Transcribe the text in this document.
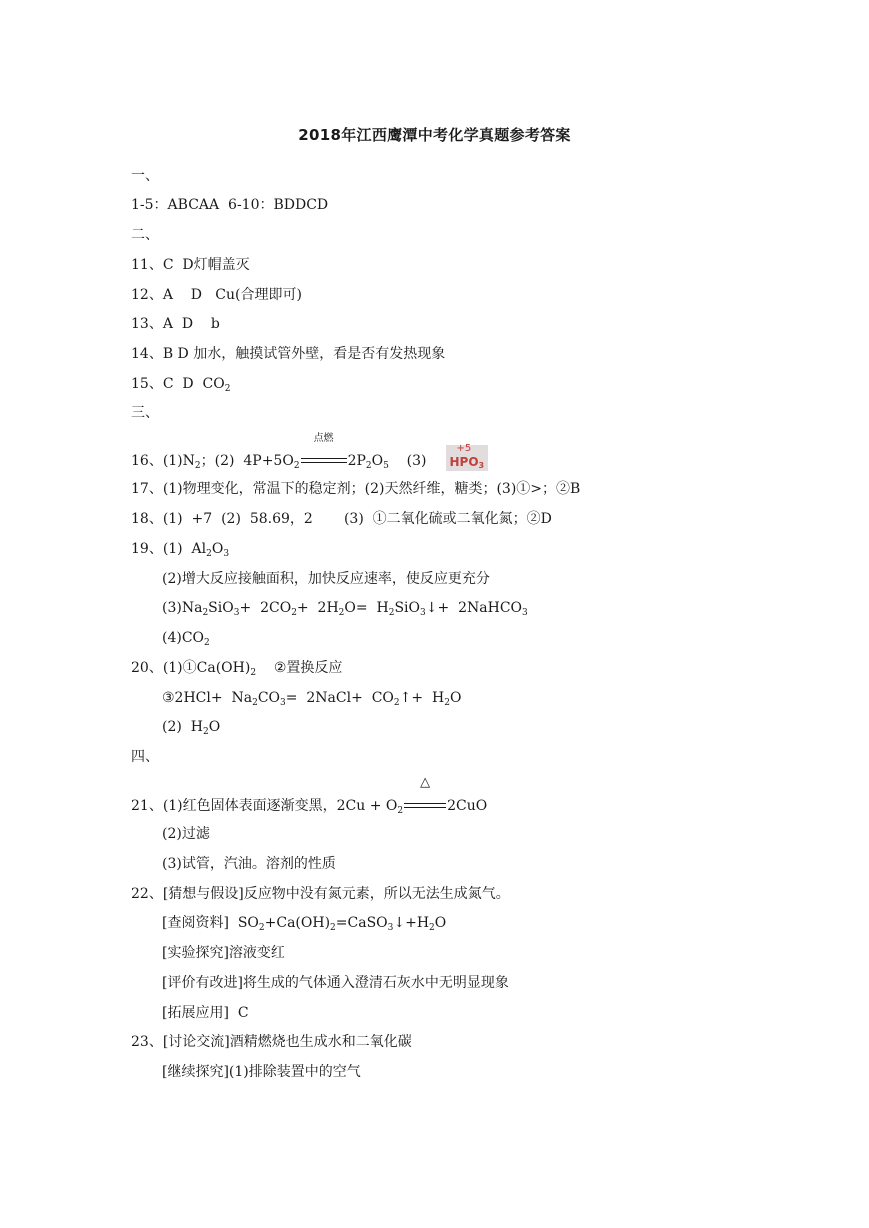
2018年江西鹰潭中考化学真题参考答案
一、
1-5：ABCAA  6-10：BDDCD
二、
11、C  D灯帽盖灭
12、A    D   Cu(合理即可)
13、A  D    b
14、B D 加水，触摸试管外壁，看是否有发热现象
15、C  D  $CO_2$
三、
16、$(1)N_2$；(2)  $4P+5O_2$
点燃
$2P_2O_5$    (3)
+5
$HPO_3$
17、(1)物理变化，常温下的稳定剂；(2)天然纤维，糖类；(3)①>；②B
18、(1)  +7  (2)  58.69，2       (3)  ①二氧化硫或二氧化氮；②D
19、(1)  $Al_2O_3$
(2)增大反应接触面积，加快反应速率，使反应更充分
$(3)Na_2SiO_3+ 2CO_2+ 2H_2O=$  $H_2SiO_3↓+$  2NaHCO$_3$
$(4)CO_2$
20、$(1)①Ca(OH)_2$ ②置换反应
③2HCl+  $Na_2CO_3=$  2NaCl+  $CO_2↑+ H_2O$
(2)  $H_2O$
四、
21、(1)红色固体表面逐渐变黑，$2Cu + O_2$
△
2CuO
(2)过滤
(3)试管，汽油。溶剂的性质
22、[猜想与假设]反应物中没有氮元素，所以无法生成氮气。
[查阅资料]  $SO_2+Ca(OH)_2=CaSO_3↓+H_2O$
[实验探究]溶液变红
[评价有改进]将生成的气体通入澄清石灰水中无明显现象
[拓展应用]  C
23、[讨论交流]酒精燃烧也生成水和二氧化碳
[继续探究](1)排除装置中的空气
